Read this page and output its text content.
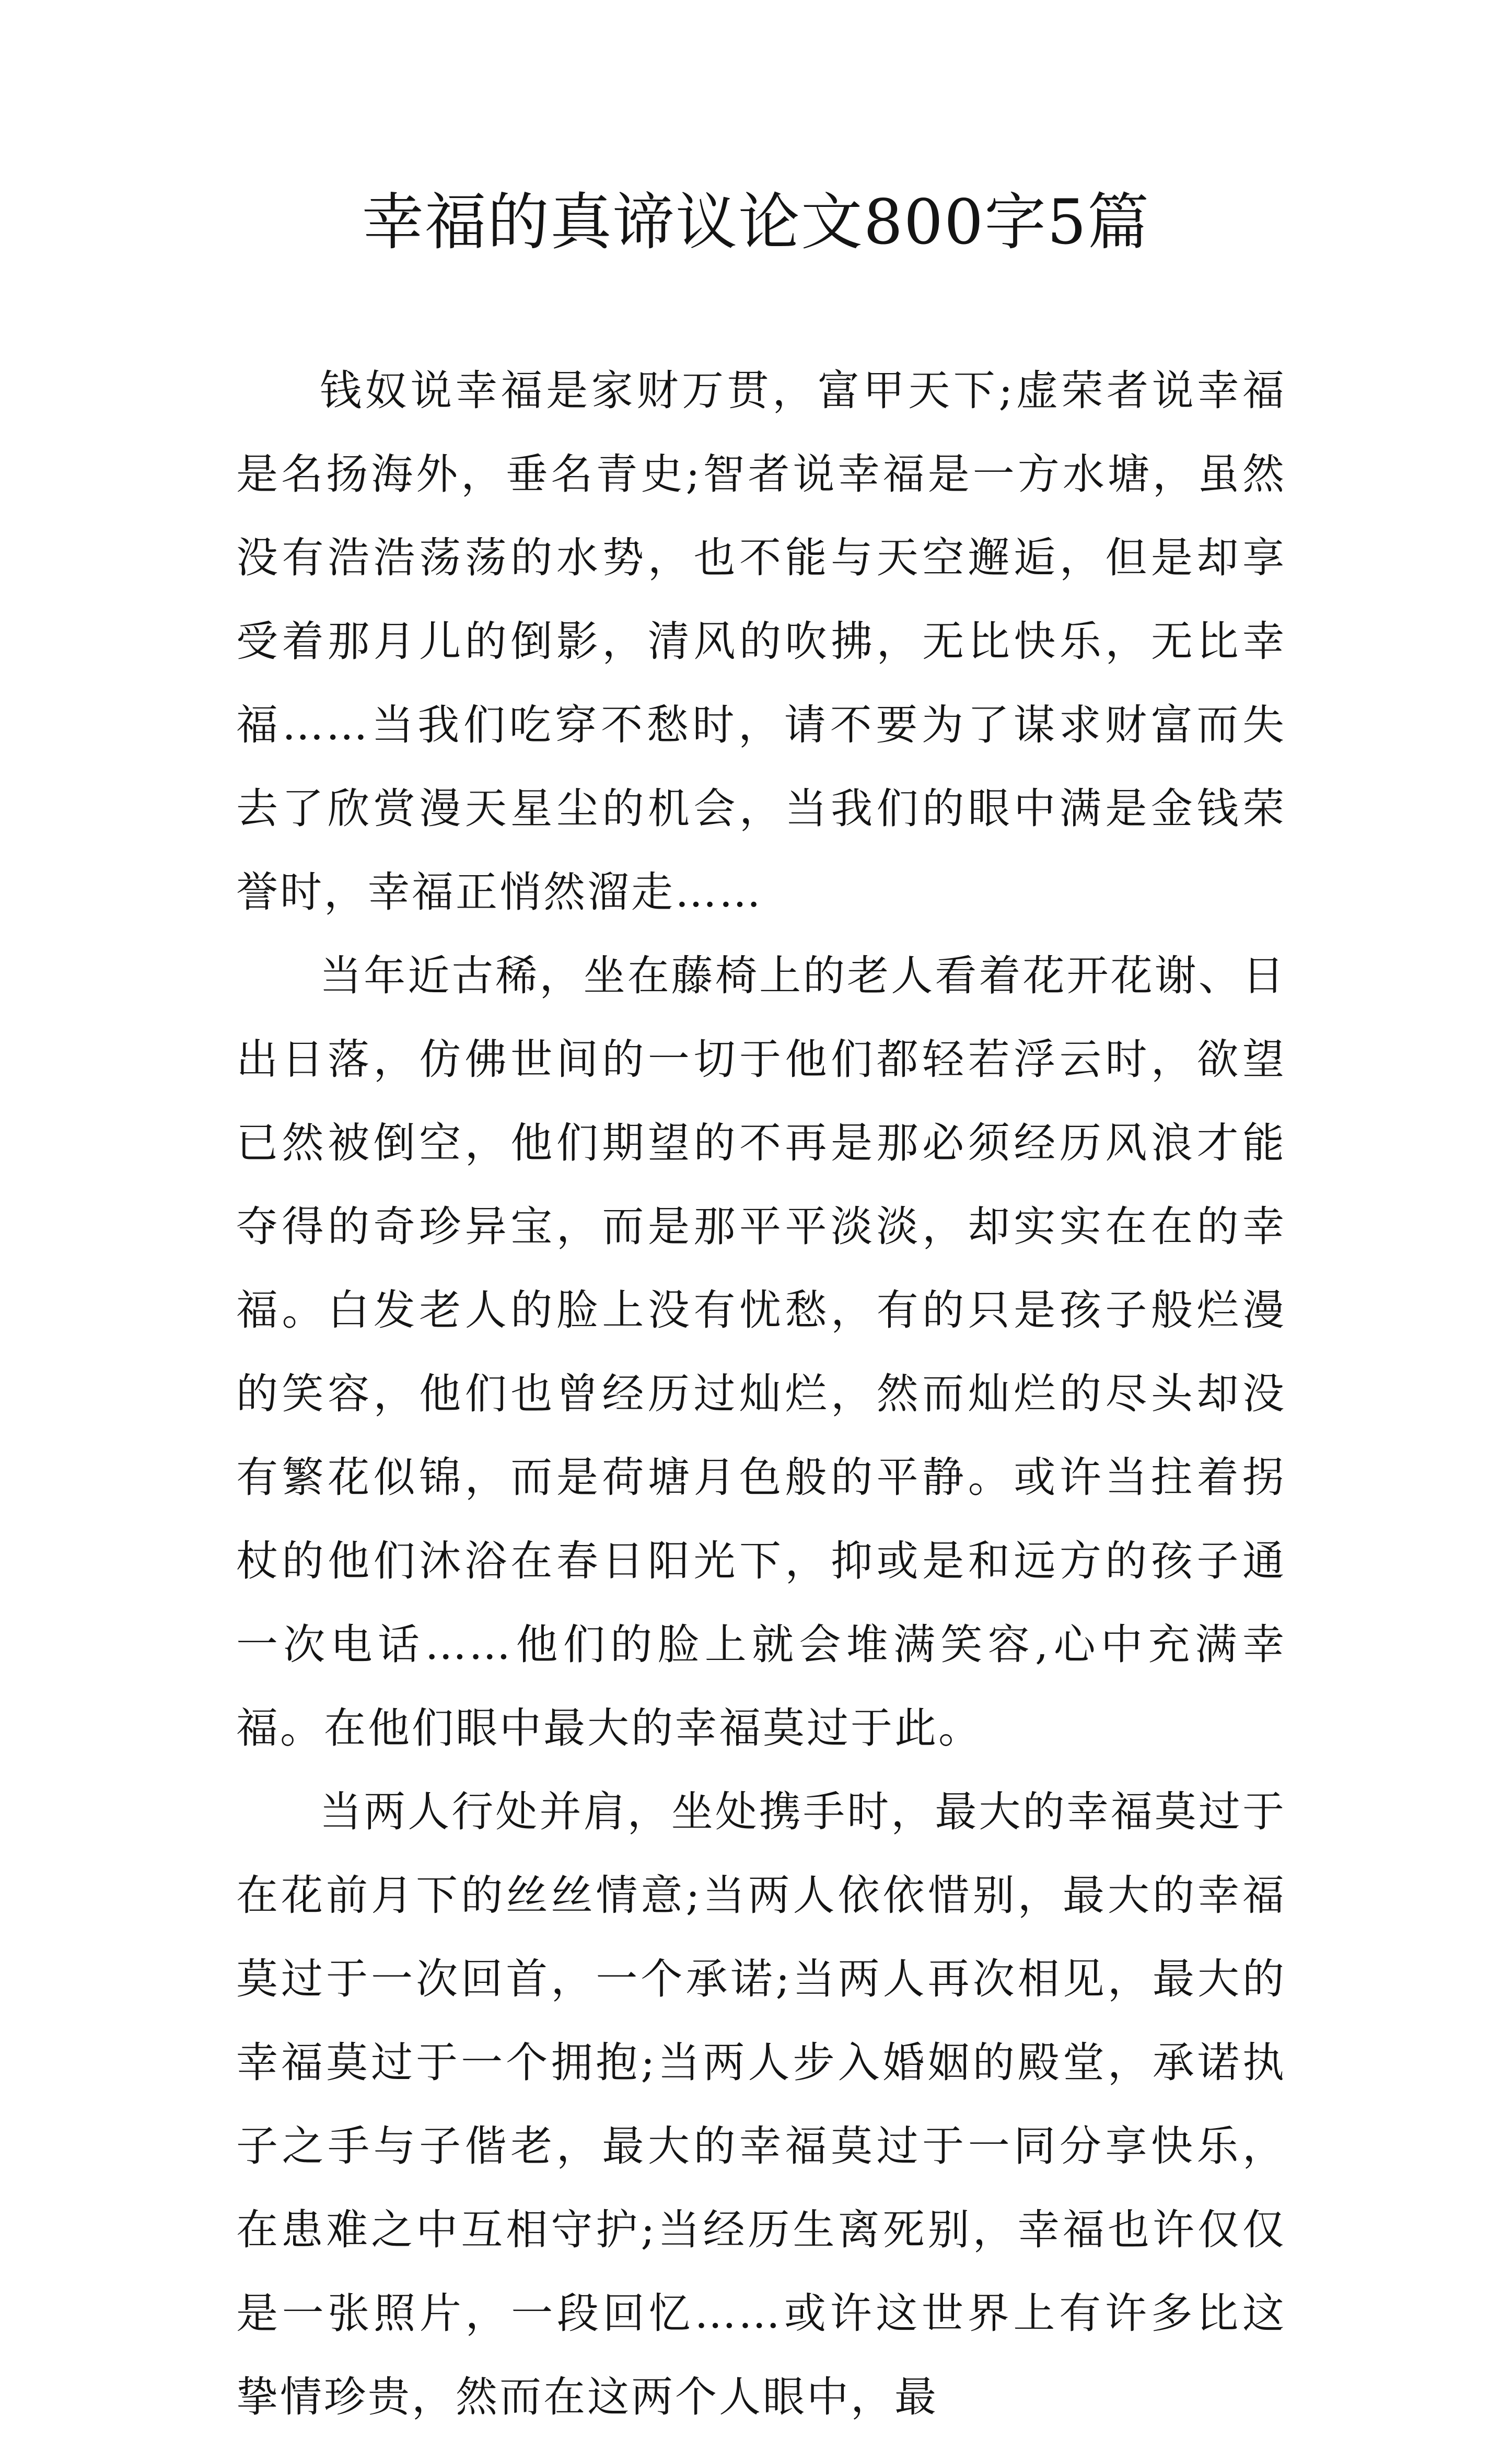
幸福的真谛议论文800字5篇

钱奴说幸福是家财万贯，富甲天下;虚荣者说幸福是名扬海外，垂名青史;智者说幸福是一方水塘，虽然没有浩浩荡荡的水势，也不能与天空邂逅，但是却享受着那月儿的倒影，清风的吹拂，无比快乐，无比幸福……当我们吃穿不愁时，请不要为了谋求财富而失去了欣赏漫天星尘的机会，当我们的眼中满是金钱荣誉时，幸福正悄然溜走……

当年近古稀，坐在藤椅上的老人看着花开花谢、日出日落，仿佛世间的一切于他们都轻若浮云时，欲望已然被倒空，他们期望的不再是那必须经历风浪才能夺得的奇珍异宝，而是那平平淡淡，却实实在在的幸福。白发老人的脸上没有忧愁，有的只是孩子般烂漫的笑容，他们也曾经历过灿烂，然而灿烂的尽头却没有繁花似锦，而是荷塘月色般的平静。或许当拄着拐杖的他们沐浴在春日阳光下，抑或是和远方的孩子通一次电话……他们的脸上就会堆满笑容,心中充满幸福。在他们眼中最大的幸福莫过于此。

当两人行处并肩，坐处携手时，最大的幸福莫过于在花前月下的丝丝情意;当两人依依惜别，最大的幸福莫过于一次回首，一个承诺;当两人再次相见，最大的幸福莫过于一个拥抱;当两人步入婚姻的殿堂，承诺执子之手与子偕老，最大的幸福莫过于一同分享快乐，在患难之中互相守护;当经历生离死别，幸福也许仅仅是一张照片，一段回忆……或许这世界上有许多比这挚情珍贵，然而在这两个人眼中，最
